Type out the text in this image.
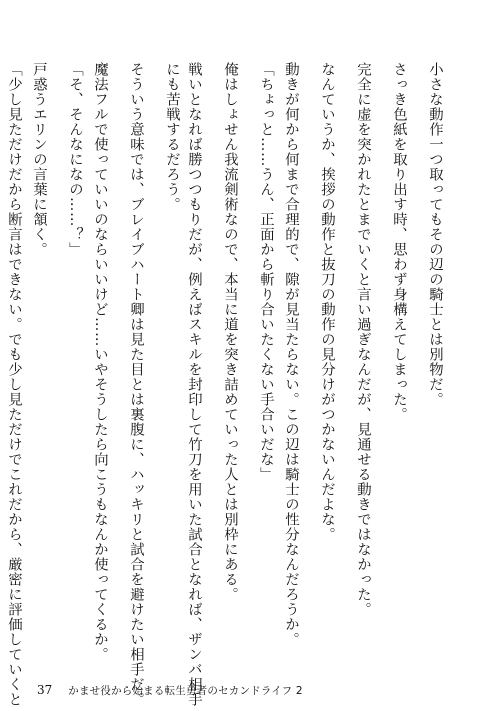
小さな動作一つ取ってもその辺の騎士とは別物だ。
さっき色紙を取り出す時、思わず身構えてしまった。
完全に虚を突かれたとまでいくと言い過ぎなんだが、見通せる動きではなかった。
なんていうか、挨拶の動作と抜刀の動作の見分けがつかないんだよな。
動きが何から何まで合理的で、隙が見当たらない。この辺は騎士の性分なんだろうか。
「ちょっと……うん、正面から斬り合いたくない手合いだな」
俺はしょせん我流剣術なので、本当に道を突き詰めていった人とは別枠にある。
戦いとなれば勝つつもりだが、例えばスキルを封印して竹刀を用いた試合となれば、ザンバ相手
にも苦戦するだろう。
そういう意味では、ブレイブハート卿は見た目とは裏腹に、ハッキリと試合を避けたい相手だ。
魔法フルで使っていいのならいいけど……いやそうしたら向こうもなんか使ってくるか。
「そ、そんなになの……？」
戸惑うエリンの言葉に頷く。
「少し見ただけだから断言はできない。でも少し見ただけでこれだから、厳密に評価していくと	37 かませ役から始まる転生勇者のセカンドライフ 2
